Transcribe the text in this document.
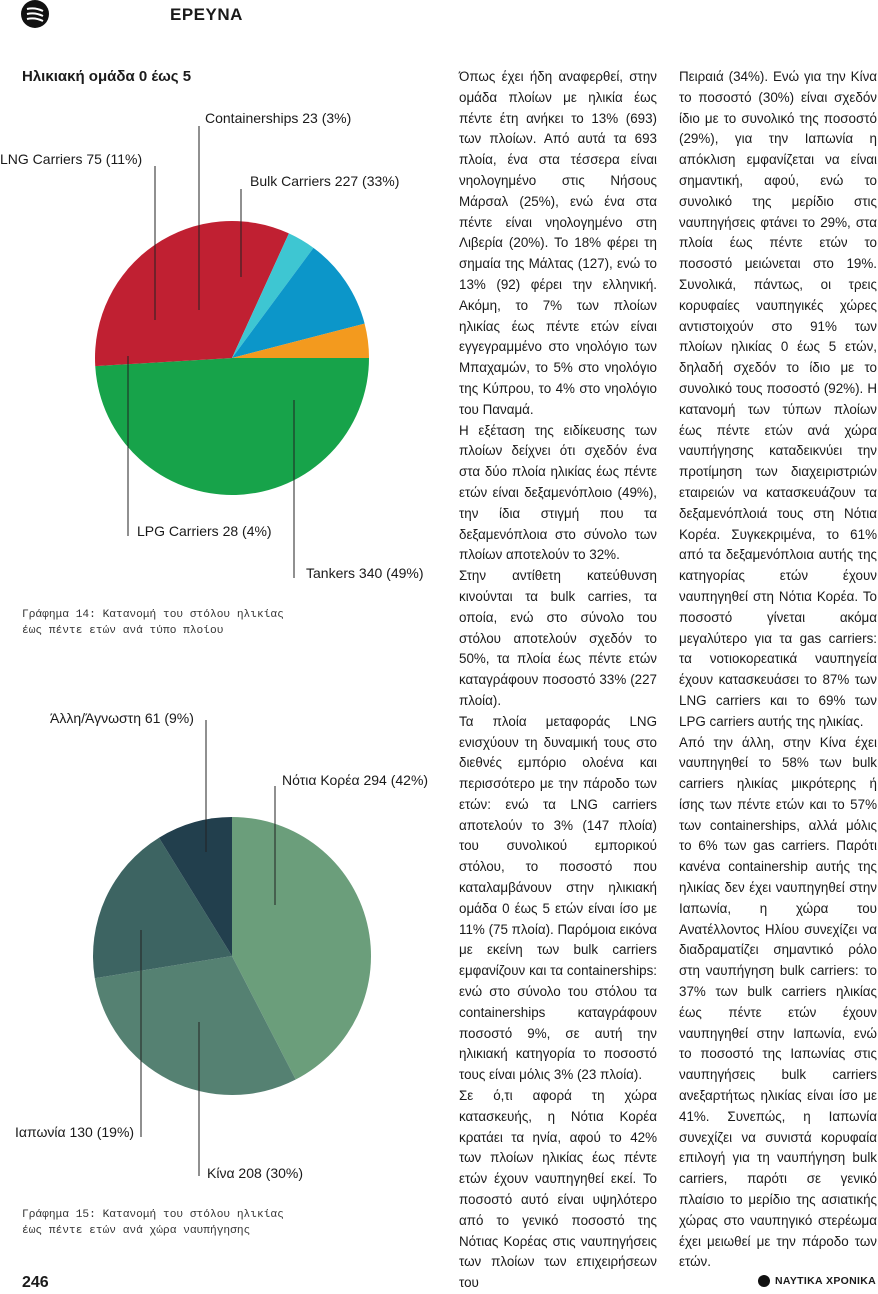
ΕΡΕΥΝΑ
Ηλικιακή ομάδα 0 έως 5
Tankers 340 (49%)
Bulk Carriers 227 (33%)
Containerships 23 (3%)
LNG Carriers 75 (11%)
LPG Carriers 28 (4%)
Γράφημα 14: Κατανομή του στόλου ηλικίας
έως πέντε ετών ανά τύπο πλοίου
Νότια Κορέα 294 (42%)
Κίνα 208 (30%)
Ιαπωνία 130 (19%)
Άλλη/Άγνωστη 61 (9%)
Γράφημα 15: Κατανομή του στόλου ηλικίας
έως πέντε ετών ανά χώρα ναυπήγησης

Όπως έχει ήδη αναφερθεί, στην ομάδα πλοίων με ηλικία έως πέντε έτη ανήκει το 13% (693) των πλοίων. Από αυτά τα 693 πλοία, ένα στα τέσσερα είναι νηολογημένο στις Νήσους Μάρσαλ (25%), ενώ ένα στα πέντε είναι νηολογημένο στη Λιβερία (20%). Το 18% φέρει τη σημαία της Μάλτας (127), ενώ το 13% (92) φέρει την ελληνική. Ακόμη, το 7% των πλοίων ηλικίας έως πέντε ετών είναι εγγεγραμμένο στο νηολόγιο των Μπαχαμών, το 5% στο νηολόγιο της Κύπρου, το 4% στο νηολόγιο του Παναμά.

Η εξέταση της ειδίκευσης των πλοίων δείχνει ότι σχεδόν ένα στα δύο πλοία ηλικίας έως πέντε ετών είναι δεξαμενόπλοιο (49%), την ίδια στιγμή που τα δεξαμενόπλοια στο σύνολο των πλοίων αποτελούν το 32%.

Στην αντίθετη κατεύθυνση κινούνται τα bulk carries, τα οποία, ενώ στο σύνολο του στόλου αποτελούν σχεδόν το 50%, τα πλοία έως πέντε ετών καταγράφουν ποσοστό 33% (227 πλοία).

Τα πλοία μεταφοράς LNG ενισχύουν τη δυναμική τους στο διεθνές εμπόριο ολοένα και περισσότερο με την πάροδο των ετών: ενώ τα LNG carriers αποτελούν το 3% (147 πλοία) του συνολικού εμπορικού στόλου, το ποσοστό που καταλαμβάνουν στην ηλικιακή ομάδα 0 έως 5 ετών είναι ίσο με 11% (75 πλοία). Παρόμοια εικόνα με εκείνη των bulk carriers εμφανίζουν και τα containerships: ενώ στο σύνολο του στόλου τα containerships καταγράφουν ποσοστό 9%, σε αυτή την ηλικιακή κατηγορία το ποσοστό τους είναι μόλις 3% (23 πλοία).

Σε ό,τι αφορά τη χώρα κατασκευής, η Νότια Κορέα κρατάει τα ηνία, αφού το 42% των πλοίων ηλικίας έως πέντε ετών έχουν ναυπηγηθεί εκεί. Το ποσοστό αυτό είναι υψηλότερο από το γενικό ποσοστό της Νότιας Κορέας στις ναυπηγήσεις των πλοίων των επιχειρήσεων του

Πειραιά (34%). Ενώ για την Κίνα το ποσοστό (30%) είναι σχεδόν ίδιο με το συνολικό της ποσοστό (29%), για την Ιαπωνία η απόκλιση εμφανίζεται να είναι σημαντική, αφού, ενώ το συνολικό της μερίδιο στις ναυπηγήσεις φτάνει το 29%, στα πλοία έως πέντε ετών το ποσοστό μειώνεται στο 19%. Συνολικά, πάντως, οι τρεις κορυφαίες ναυπηγικές χώρες αντιστοιχούν στο 91% των πλοίων ηλικίας 0 έως 5 ετών, δηλαδή σχεδόν το ίδιο με το συνολικό τους ποσοστό (92%). Η κατανομή των τύπων πλοίων έως πέντε ετών ανά χώρα ναυπήγησης καταδεικνύει την προτίμηση των διαχειριστριών εταιρειών να κατασκευάζουν τα δεξαμενόπλοιά τους στη Νότια Κορέα. Συγκεκριμένα, το 61% από τα δεξαμενόπλοια αυτής της κατηγορίας ετών έχουν ναυπηγηθεί στη Νότια Κορέα. Το ποσοστό γίνεται ακόμα μεγαλύτερο για τα gas carriers: τα νοτιοκορεατικά ναυπηγεία έχουν κατασκευάσει το 87% των LNG carriers και το 69% των LPG carriers αυτής της ηλικίας.

Από την άλλη, στην Κίνα έχει ναυπηγηθεί το 58% των bulk carriers ηλικίας μικρότερης ή ίσης των πέντε ετών και το 57% των containerships, αλλά μόλις το 6% των gas carriers. Παρότι κανένα containership αυτής της ηλικίας δεν έχει ναυπηγηθεί στην Ιαπωνία, η χώρα του Ανατέλλοντος Ηλίου συνεχίζει να διαδραματίζει σημαντικό ρόλο στη ναυπήγηση bulk carriers: το 37% των bulk carriers ηλικίας έως πέντε ετών έχουν ναυπηγηθεί στην Ιαπωνία, ενώ το ποσοστό της Ιαπωνίας στις ναυπηγήσεις bulk carriers ανεξαρτήτως ηλικίας είναι ίσο με 41%. Συνεπώς, η Ιαπωνία συνεχίζει να συνιστά κορυφαία επιλογή για τη ναυπήγηση bulk carriers, παρότι σε γενικό πλαίσιο το μερίδιο της ασιατικής χώρας στο ναυπηγικό στερέωμα έχει μειωθεί με την πάροδο των ετών.

246	ΝΑΥΤΙΚΑ ΧΡΟΝΙΚΑ
